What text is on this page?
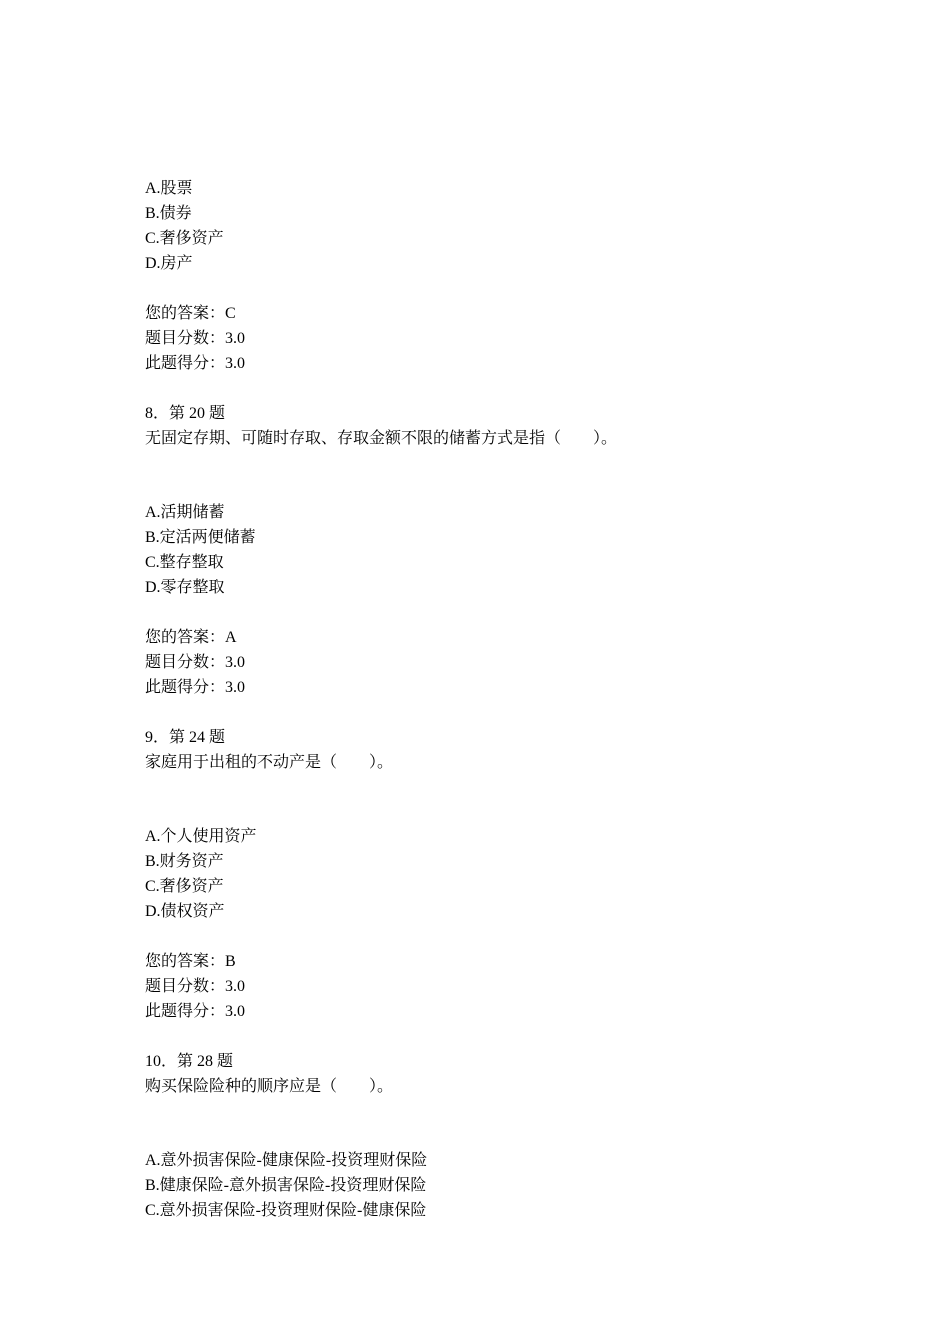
A.股票
B.债券
C.奢侈资产
D.房产
您的答案：C
题目分数：3.0
此题得分：3.0
8．第 20 题
无固定存期、可随时存取、存取金额不限的储蓄方式是指（　　）。
A.活期储蓄
B.定活两便储蓄
C.整存整取
D.零存整取
您的答案：A
题目分数：3.0
此题得分：3.0
9．第 24 题
家庭用于出租的不动产是（　　）。
A.个人使用资产
B.财务资产
C.奢侈资产
D.债权资产
您的答案：B
题目分数：3.0
此题得分：3.0
10．第 28 题
购买保险险种的顺序应是（　　）。
A.意外损害保险-健康保险-投资理财保险
B.健康保险-意外损害保险-投资理财保险
C.意外损害保险-投资理财保险-健康保险
